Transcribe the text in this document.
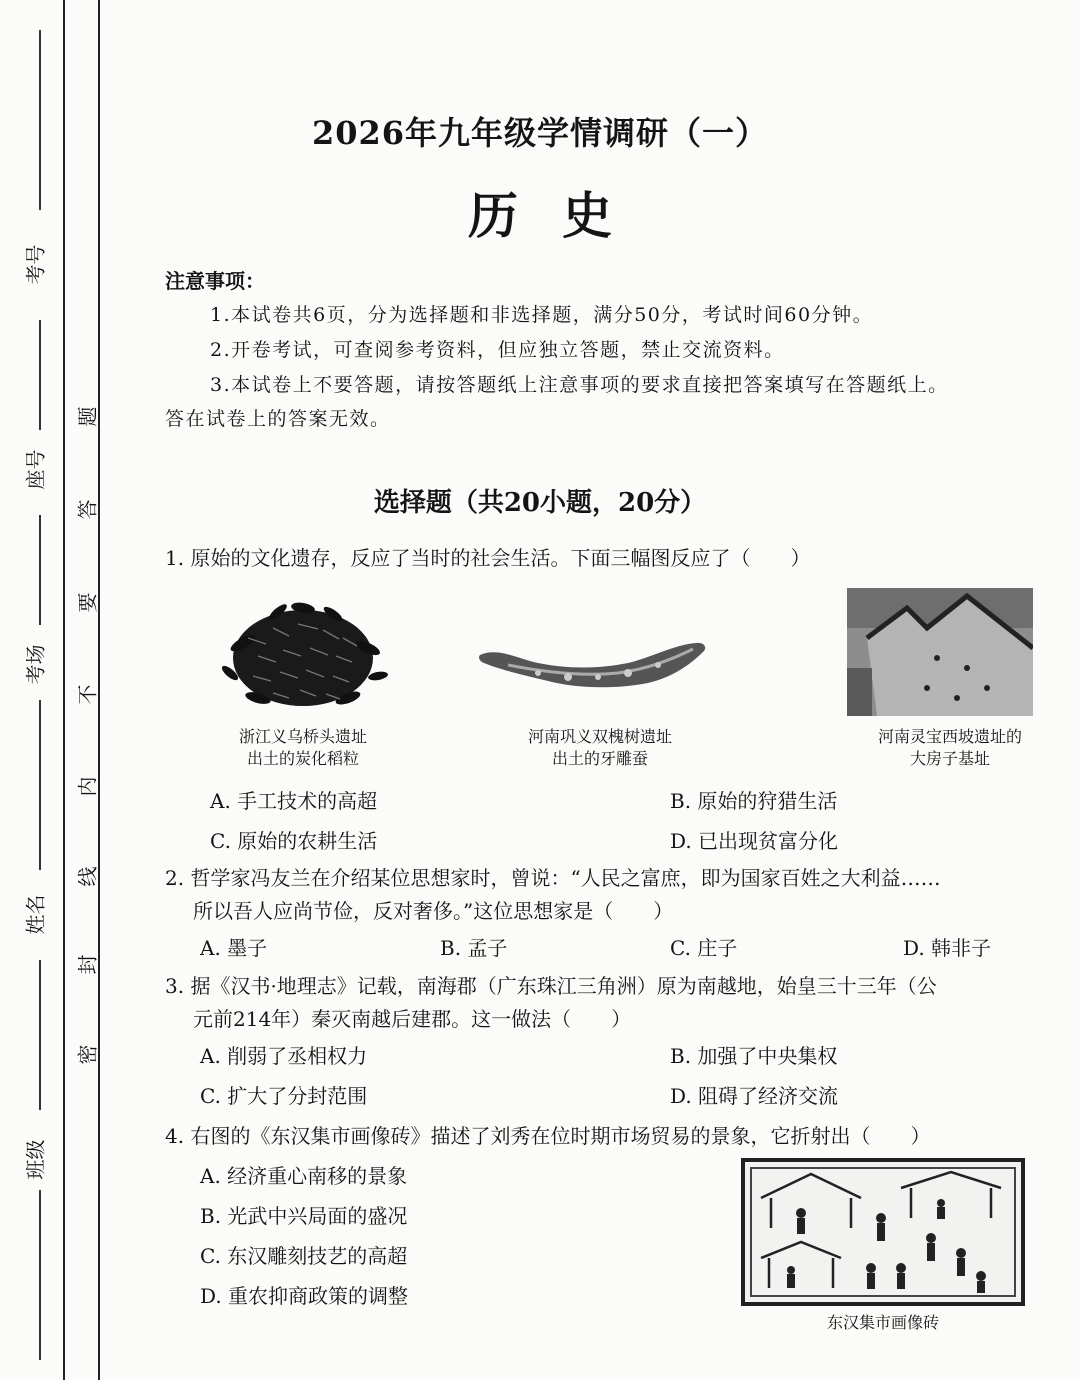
考号
座号
考场
姓名
班级
题
答
要
不
内
线
封
密
2026年九年级学情调研（一）
历史
注意事项：
1.本试卷共6页，分为选择题和非选择题，满分50分，考试时间60分钟。
2.开卷考试，可查阅参考资料，但应独立答题，禁止交流资料。
3.本试卷上不要答题，请按答题纸上注意事项的要求直接把答案填写在答题纸上。
答在试卷上的答案无效。
选择题（共20小题，20分）
1. 原始的文化遗存，反应了当时的社会生活。下面三幅图反应了（　　）
浙江义乌桥头遗址
出土的炭化稻粒
河南巩义双槐树遗址
出土的牙雕蚕
河南灵宝西坡遗址的
大房子基址
A. 手工技术的高超	B. 原始的狩猎生活
C. 原始的农耕生活	D. 已出现贫富分化
2. 哲学家冯友兰在介绍某位思想家时，曾说：“人民之富庶，即为国家百姓之大利益……
所以吾人应尚节俭，反对奢侈。”这位思想家是（　　）
A. 墨子	B. 孟子	C. 庄子	D. 韩非子
3. 据《汉书·地理志》记载，南海郡（广东珠江三角洲）原为南越地，始皇三十三年（公
元前214年）秦灭南越后建郡。这一做法（　　）
A. 削弱了丞相权力	B. 加强了中央集权
C. 扩大了分封范围	D. 阻碍了经济交流
4. 右图的《东汉集市画像砖》描述了刘秀在位时期市场贸易的景象，它折射出（　　）
A. 经济重心南移的景象
B. 光武中兴局面的盛况
C. 东汉雕刻技艺的高超
D. 重农抑商政策的调整
东汉集市画像砖
